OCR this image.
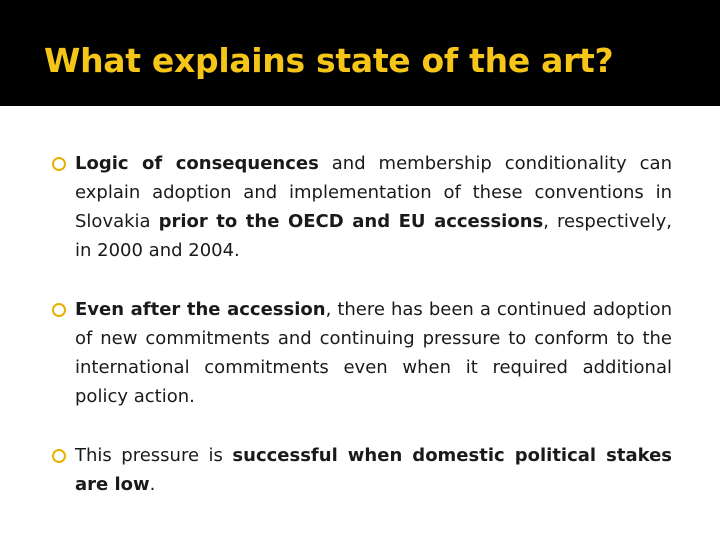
What explains state of the art?
Logic of consequences and membership conditionality can explain adoption and implementation of these conventions in Slovakia prior to the OECD and EU accessions, respectively, in 2000 and 2004.
Even after the accession, there has been a continued adoption of new commitments and continuing pressure to conform to the international commitments even when it required additional policy action.
This pressure is successful when domestic political stakes are low.
